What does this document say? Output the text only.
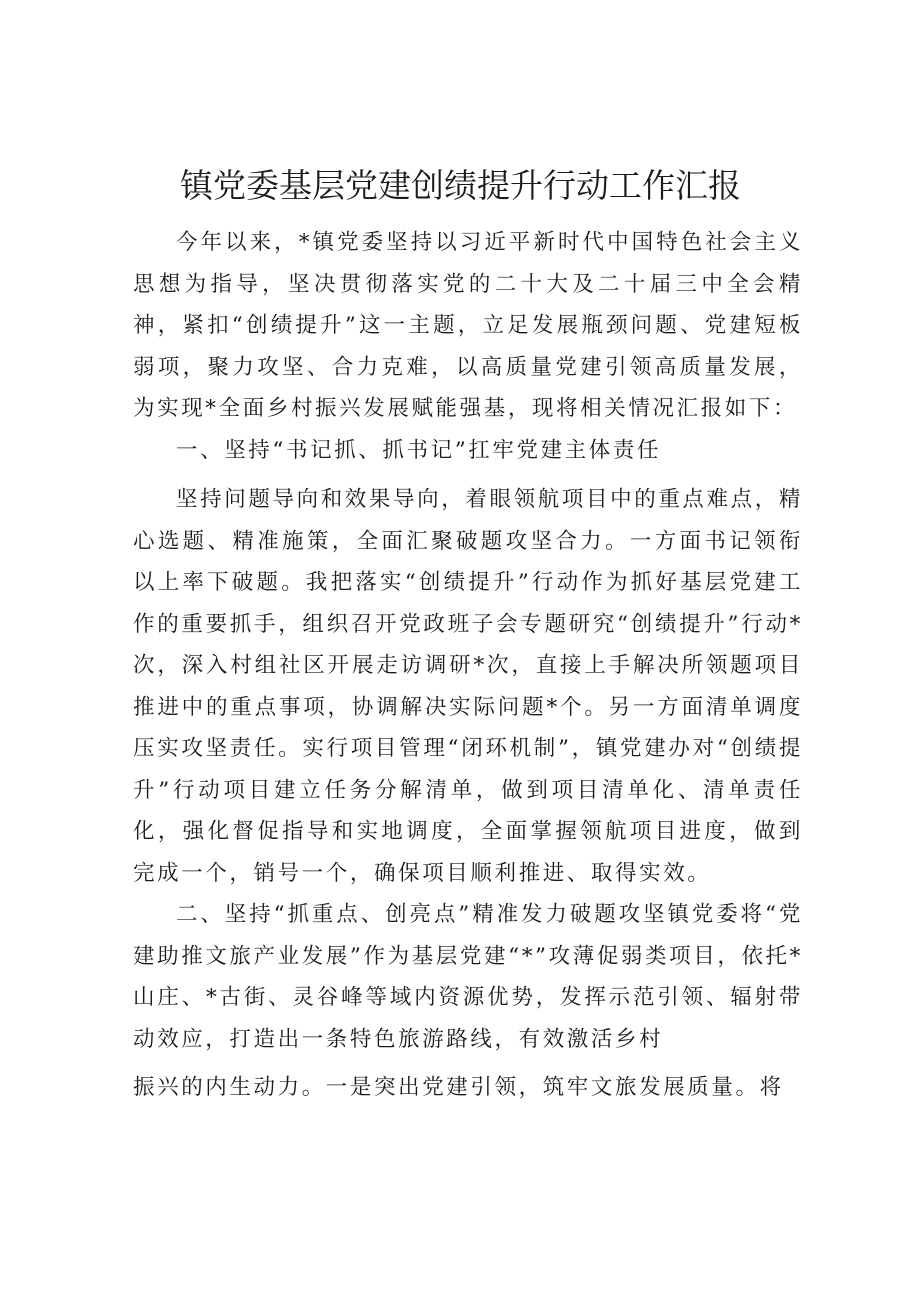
镇党委基层党建创绩提升行动工作汇报

今年以来，*镇党委坚持以习近平新时代中国特色社会主义思想为指导，坚决贯彻落实党的二十大及二十届三中全会精神，紧扣“创绩提升”这一主题，立足发展瓶颈问题、党建短板弱项，聚力攻坚、合力克难，以高质量党建引领高质量发展，为实现*全面乡村振兴发展赋能强基，现将相关情况汇报如下：

一、坚持“书记抓、抓书记”扛牢党建主体责任

坚持问题导向和效果导向，着眼领航项目中的重点难点，精心选题、精准施策，全面汇聚破题攻坚合力。一方面书记领衔以上率下破题。我把落实“创绩提升”行动作为抓好基层党建工作的重要抓手，组织召开党政班子会专题研究“创绩提升”行动*次，深入村组社区开展走访调研*次，直接上手解决所领题项目推进中的重点事项，协调解决实际问题*个。另一方面清单调度压实攻坚责任。实行项目管理“闭环机制”，镇党建办对“创绩提升”行动项目建立任务分解清单，做到项目清单化、清单责任化，强化督促指导和实地调度，全面掌握领航项目进度，做到完成一个，销号一个，确保项目顺利推进、取得实效。

二、坚持“抓重点、创亮点”精准发力破题攻坚镇党委将“党建助推文旅产业发展”作为基层党建“*”攻薄促弱类项目，依托*山庄、*古街、灵谷峰等域内资源优势，发挥示范引领、辐射带动效应，打造出一条特色旅游路线，有效激活乡村

振兴的内生动力。一是突出党建引领，筑牢文旅发展质量。将
